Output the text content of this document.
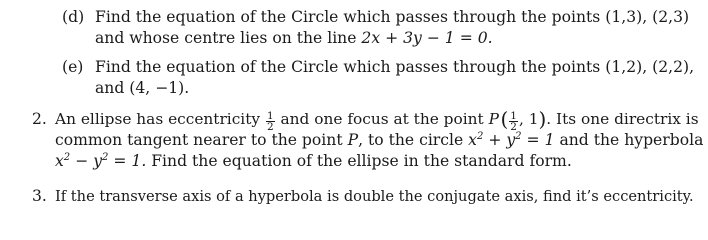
(d) Find the equation of the Circle which passes through the points (1,3), (2,3)
and whose centre lies on the line 2x + 3y − 1 = 0.
(e) Find the equation of the Circle which passes through the points (1,2), (2,2),
and (4, −1).
2. An ellipse has eccentricity $\frac{1}{2}$ and one focus at the point P ( $\frac{1}{2}$ , 1). Its one directrix is
common tangent nearer to the point P, to the circle $x^2 + y^2 = 1$ and the hyperbola
$x^2 - y^2 = 1$. Find the equation of the ellipse in the standard form.
3. If the transverse axis of a hyperbola is double the conjugate axis, find it’s eccentricity.
